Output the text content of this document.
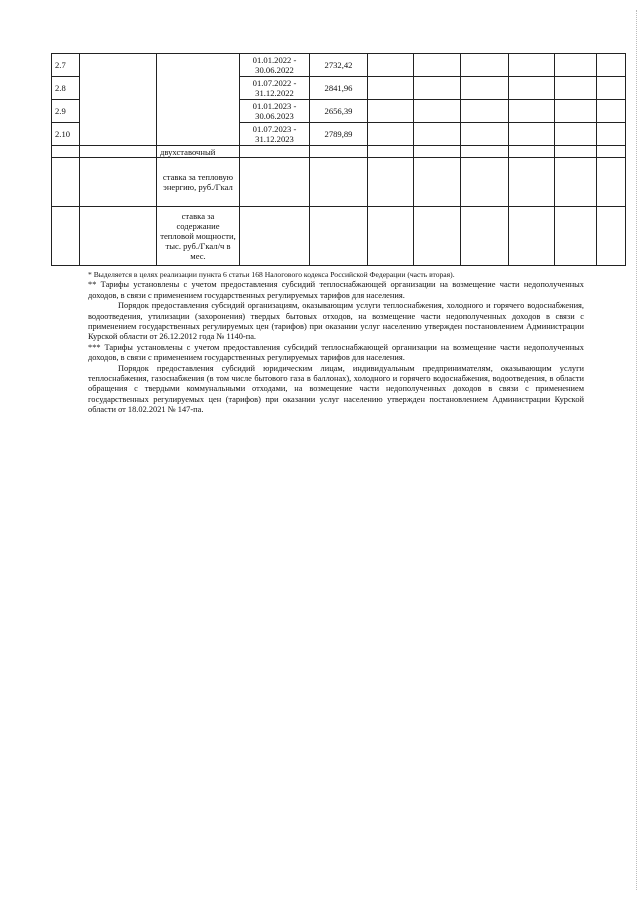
2.7			01.01.2022 - 30.06.2022	2732,42						
2.8			01.07.2022 - 31.12.2022	2841,96						
2.9			01.01.2023 - 30.06.2023	2656,39						
2.10			01.07.2023 - 31.12.2023	2789,89						
		двухставочный								
		ставка за тепловую энергию, руб./Гкал								
		ставка за содержание тепловой мощности, тыс. руб./Гкал/ч в мес.								

* Выделяется в целях реализации пункта 6 статьи 168 Налогового кодекса Российской Федерации (часть вторая).

** Тарифы установлены с учетом предоставления субсидий теплоснабжающей организации на возмещение части недополученных доходов, в связи с применением государственных регулируемых тарифов для населения.

Порядок предоставления субсидий организациям, оказывающим услуги теплоснабжения, холодного и горячего водоснабжения, водоотведения, утилизации (захоронения) твердых бытовых отходов, на возмещение части недополученных доходов в связи с применением государственных регулируемых цен (тарифов) при оказании услуг населению утвержден постановлением Администрации Курской области от 26.12.2012 года № 1140-па.

*** Тарифы установлены с учетом предоставления субсидий теплоснабжающей организации на возмещение части недополученных доходов, в связи с применением государственных регулируемых тарифов для населения.

Порядок предоставления субсидий юридическим лицам, индивидуальным предпринимателям, оказывающим услуги теплоснабжения, газоснабжения (в том числе бытового газа в баллонах), холодного и горячего водоснабжения, водоотведения, в области обращения с твердыми коммунальными отходами, на возмещение части недополученных доходов в связи с применением государственных регулируемых цен (тарифов) при оказании услуг населению утвержден постановлением Администрации Курской области от 18.02.2021 № 147-па.
